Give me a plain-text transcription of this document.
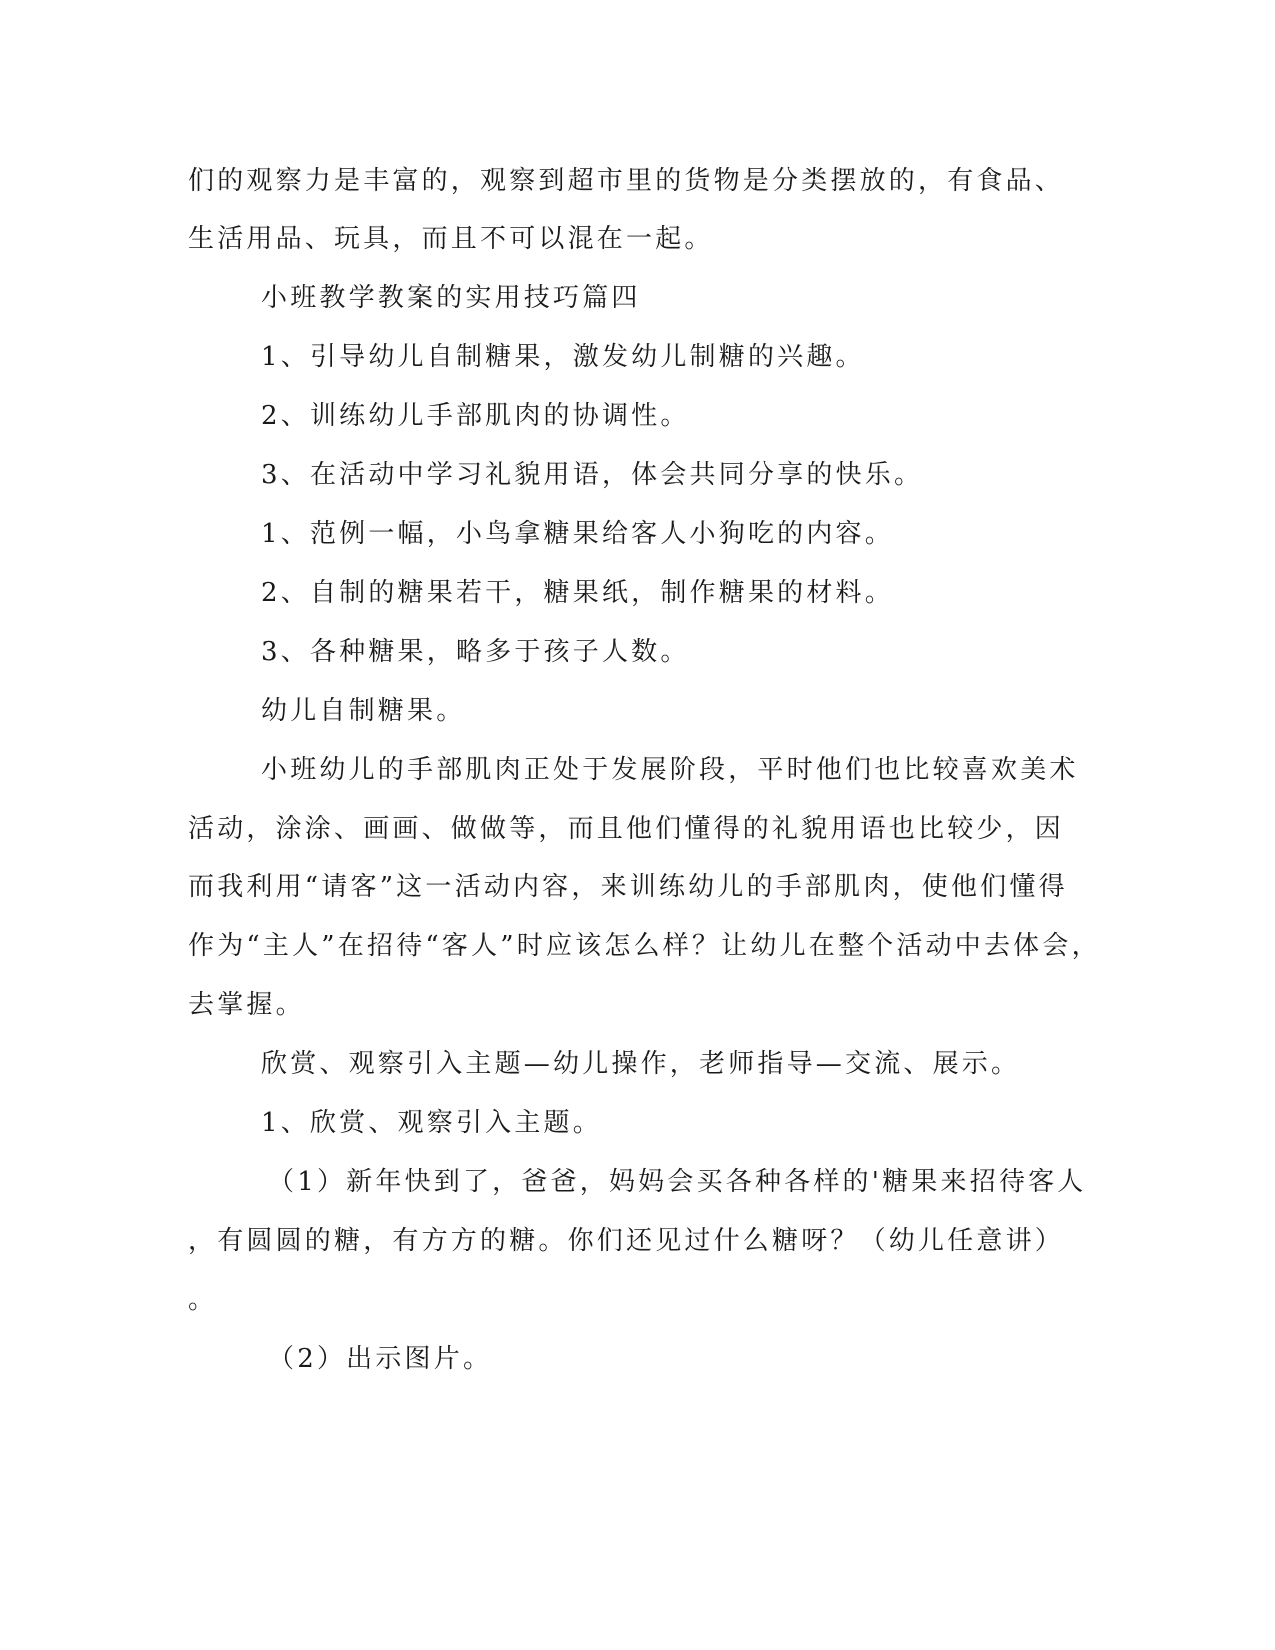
们的观察力是丰富的，观察到超市里的货物是分类摆放的，有食品、
生活用品、玩具，而且不可以混在一起。
小班教学教案的实用技巧篇四
1、引导幼儿自制糖果，激发幼儿制糖的兴趣。
2、训练幼儿手部肌肉的协调性。
3、在活动中学习礼貌用语，体会共同分享的快乐。
1、范例一幅，小鸟拿糖果给客人小狗吃的内容。
2、自制的糖果若干，糖果纸，制作糖果的材料。
3、各种糖果，略多于孩子人数。
幼儿自制糖果。
小班幼儿的手部肌肉正处于发展阶段，平时他们也比较喜欢美术
活动，涂涂、画画、做做等，而且他们懂得的礼貌用语也比较少，因
而我利用“请客”这一活动内容，来训练幼儿的手部肌肉，使他们懂得
作为“主人”在招待“客人”时应该怎么样？让幼儿在整个活动中去体会，
去掌握。
欣赏、观察引入主题—幼儿操作，老师指导—交流、展示。
1、欣赏、观察引入主题。
（1）新年快到了，爸爸，妈妈会买各种各样的'糖果来招待客人
，有圆圆的糖，有方方的糖。你们还见过什么糖呀？（幼儿任意讲）
。
（2）出示图片。
